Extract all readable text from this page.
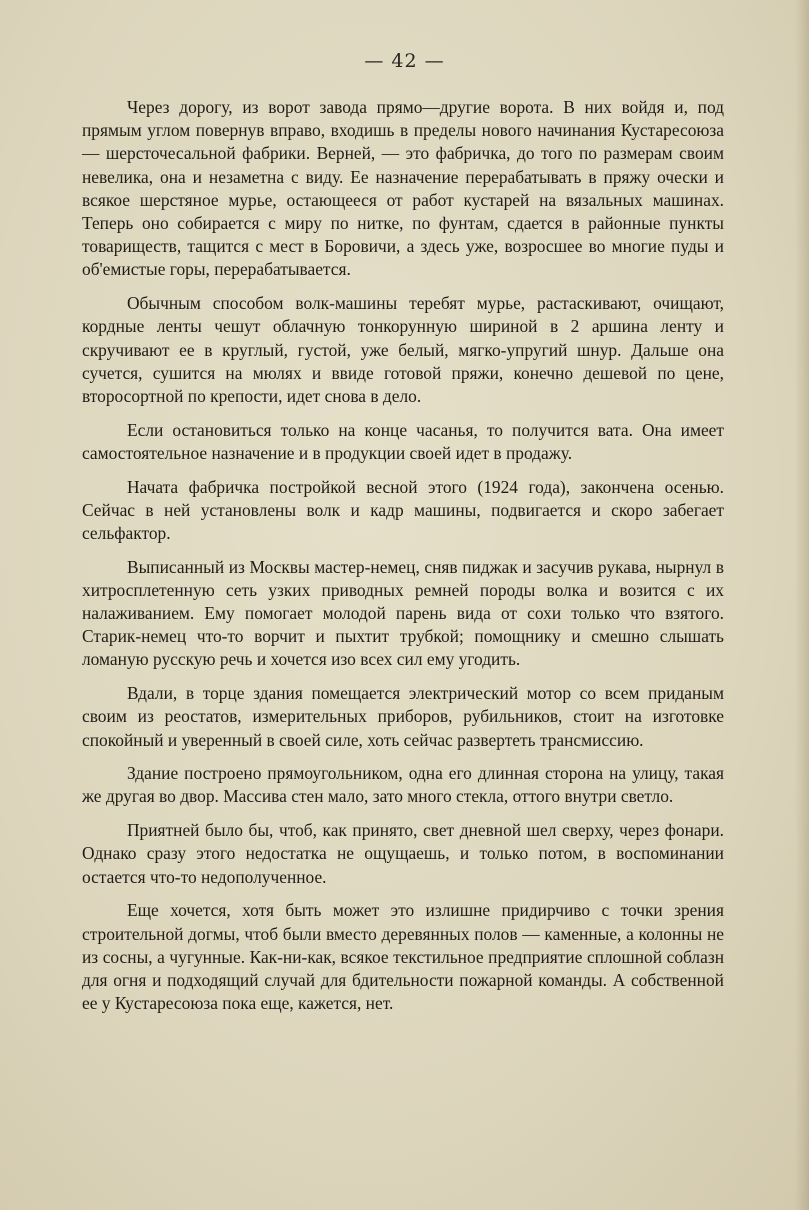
— 42 —

Через дорогу, из ворот завода прямо—другие ворота. В них войдя и, под прямым углом повернув вправо, входишь в пределы нового начинания Кустаресоюза — шерсточесальной фабрики. Верней, — это фабричка, до того по размерам своим невелика, она и незаметна с виду. Ее назначение перерабатывать в пряжу очески и всякое шерстяное мурье, остающееся от работ кустарей на вязальных машинах. Теперь оно собирается с миру по нитке, по фунтам, сдается в районные пункты товариществ, тащится с мест в Боровичи, а здесь уже, возросшее во многие пуды и об'емистые горы, перерабатывается.

Обычным способом волк-машины теребят мурье, растаскивают, очищают, кордные ленты чешут облачную тонкорунную шириной в 2 аршина ленту и скручивают ее в круглый, густой, уже белый, мягко-упругий шнур. Дальше она сучется, сушится на мюлях и ввиде готовой пряжи, конечно дешевой по цене, второсортной по крепости, идет снова в дело.

Если остановиться только на конце часанья, то получится вата. Она имеет самостоятельное назначение и в продукции своей идет в продажу.

Начата фабричка постройкой весной этого (1924 года), закончена осенью. Сейчас в ней установлены волк и кадр машины, подвигается и скоро забегает сельфактор.

Выписанный из Москвы мастер-немец, сняв пиджак и засучив рукава, нырнул в хитросплетенную сеть узких приводных ремней породы волка и возится с их налаживанием. Ему помогает молодой парень вида от сохи только что взятого. Старик-немец что-то ворчит и пыхтит трубкой; помощнику и смешно слышать ломаную русскую речь и хочется изо всех сил ему угодить.

Вдали, в торце здания помещается электрический мотор со всем приданым своим из реостатов, измерительных приборов, рубильников, стоит на изготовке спокойный и уверенный в своей силе, хоть сейчас развертеть трансмиссию.

Здание построено прямоугольником, одна его длинная сторона на улицу, такая же другая во двор. Массива стен мало, зато много стекла, оттого внутри светло.

Приятней было бы, чтоб, как принято, свет дневной шел сверху, через фонари. Однако сразу этого недостатка не ощущаешь, и только потом, в воспоминании остается что-то недополученное.

Еще хочется, хотя быть может это излишне придирчиво с точки зрения строительной догмы, чтоб были вместо деревянных полов — каменные, а колонны не из сосны, а чугунные. Как-ни-как, всякое текстильное предприятие сплошной соблазн для огня и подходящий случай для бдительности пожарной команды. А собственной ее у Кустаресоюза пока еще, кажется, нет.
